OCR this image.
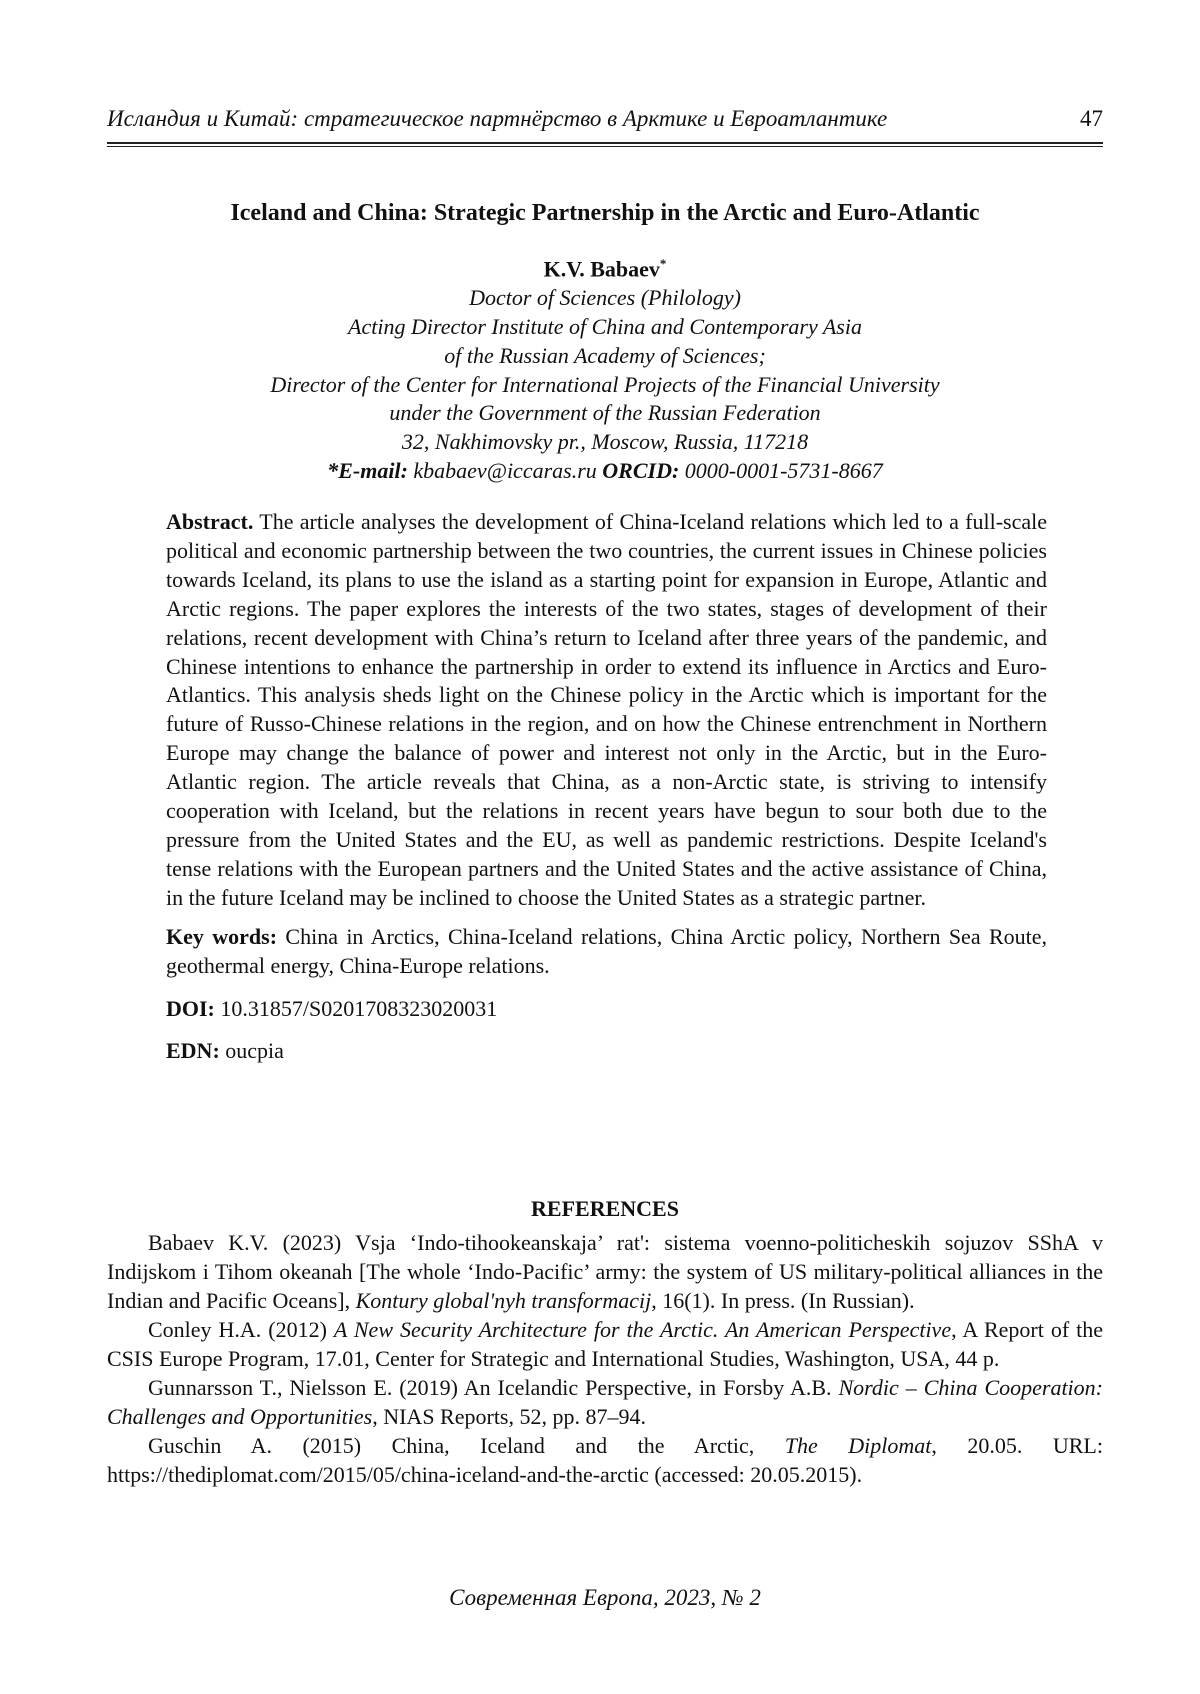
Исландия и Китай: стратегическое партнёрство в Арктике и Евроатлантике	47
Iceland and China: Strategic Partnership in the Arctic and Euro-Atlantic
K.V. Babaev*
Doctor of Sciences (Philology)
Acting Director Institute of China and Contemporary Asia
of the Russian Academy of Sciences;
Director of the Center for International Projects of the Financial University
under the Government of the Russian Federation
32, Nakhimovsky pr., Moscow, Russia, 117218
*E-mail: kbabaev@iccaras.ru ORCID: 0000-0001-5731-8667

Abstract. The article analyses the development of China-Iceland relations which led to a full-scale political and economic partnership between the two countries, the current issues in Chinese policies towards Iceland, its plans to use the island as a starting point for expansion in Europe, Atlantic and Arctic regions. The paper explores the interests of the two states, stages of development of their relations, recent development with China’s return to Iceland after three years of the pandemic, and Chinese intentions to enhance the partnership in order to extend its influence in Arctics and Euro-Atlantics. This analysis sheds light on the Chinese policy in the Arctic which is important for the future of Russo-Chinese relations in the region, and on how the Chinese entrenchment in Northern Europe may change the balance of power and interest not only in the Arctic, but in the Euro-Atlantic region. The article reveals that China, as a non-Arctic state, is striving to intensify cooperation with Iceland, but the relations in recent years have begun to sour both due to the pressure from the United States and the EU, as well as pandemic restrictions. Despite Iceland's tense relations with the European partners and the United States and the active assistance of China, in the future Iceland may be inclined to choose the United States as a strategic partner.

Key words: China in Arctics, China-Iceland relations, China Arctic policy, Northern Sea Route, geothermal energy, China-Europe relations.

DOI: 10.31857/S0201708323020031

EDN: oucpia

REFERENCES

Babaev K.V. (2023) Vsja ‘Indo-tihookeanskaja’ rat': sistema voenno-politicheskih sojuzov SShA v Indijskom i Tihom okeanah [The whole ‘Indo-Pacific’ army: the system of US military-political alliances in the Indian and Pacific Oceans], Kontury global'nyh transformacij, 16(1). In press. (In Russian).

Conley H.A. (2012) A New Security Architecture for the Arctic. An American Perspective, A Report of the CSIS Europe Program, 17.01, Center for Strategic and International Studies, Washington, USA, 44 p.

Gunnarsson T., Nielsson E. (2019) An Icelandic Perspective, in Forsby A.B. Nordic – China Cooperation: Challenges and Opportunities, NIAS Reports, 52, pp. 87–94.

Guschin A. (2015) China, Iceland and the Arctic, The Diplomat, 20.05. URL: https://thediplomat.com/2015/05/china-iceland-and-the-arctic (accessed: 20.05.2015).

Современная Европа, 2023, № 2
